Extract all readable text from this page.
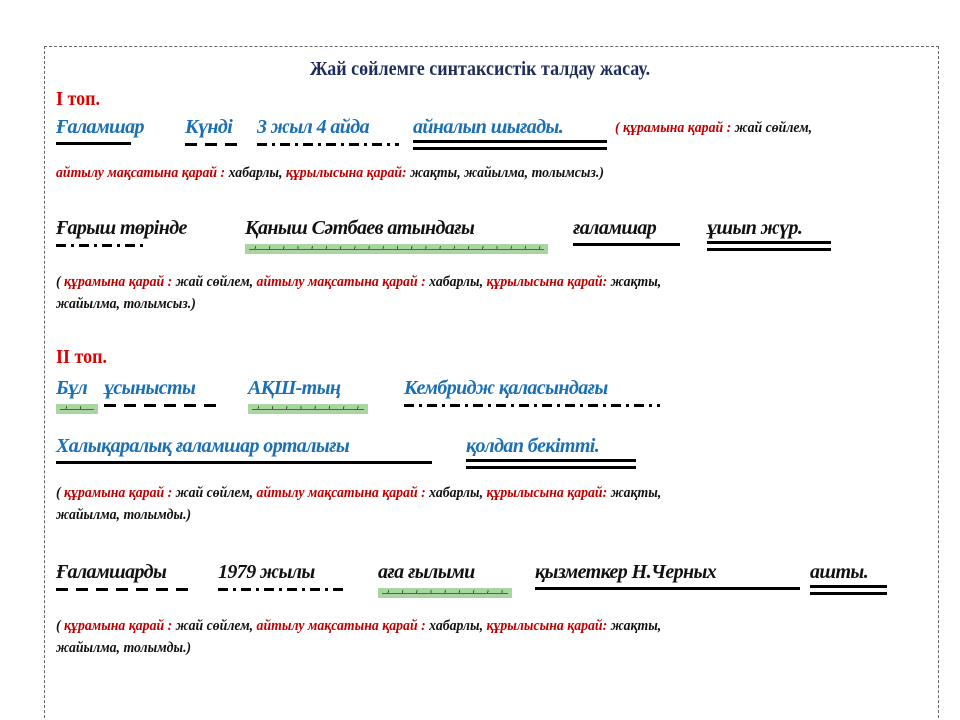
Жай сөйлемге синтаксистік талдау жасау.
I топ.
Ғаламшар Күнді	3 жыл 4 айда	айналып шығады.	( құрамына қарай : жай сөйлем,
айтылу мақсатына қарай : хабарлы, құрылысына қарай: жақты, жайылма, толымсыз.)
Ғарыш төрінде	Қаныш Сәтбаев атындағы	ғаламшар	ұшып жүр.
( құрамына қарай : жай сөйлем, айтылу мақсатына қарай : хабарлы, құрылысына қарай: жақты,
жайылма, толымсыз.)
II топ.
Бұл ұсынысты	АҚШ-тың	Кембридж қаласындағы
Халықаралық ғаламшар орталығы	қолдап бекітті.
( құрамына қарай : жай сөйлем, айтылу мақсатына қарай : хабарлы, құрылысына қарай: жақты,
жайылма, толымды.)
Ғаламшарды	1979 жылы	аға ғылыми	қызметкер Н.Черных	ашты.
( құрамына қарай : жай сөйлем, айтылу мақсатына қарай : хабарлы, құрылысына қарай: жақты,
жайылма, толымды.)
